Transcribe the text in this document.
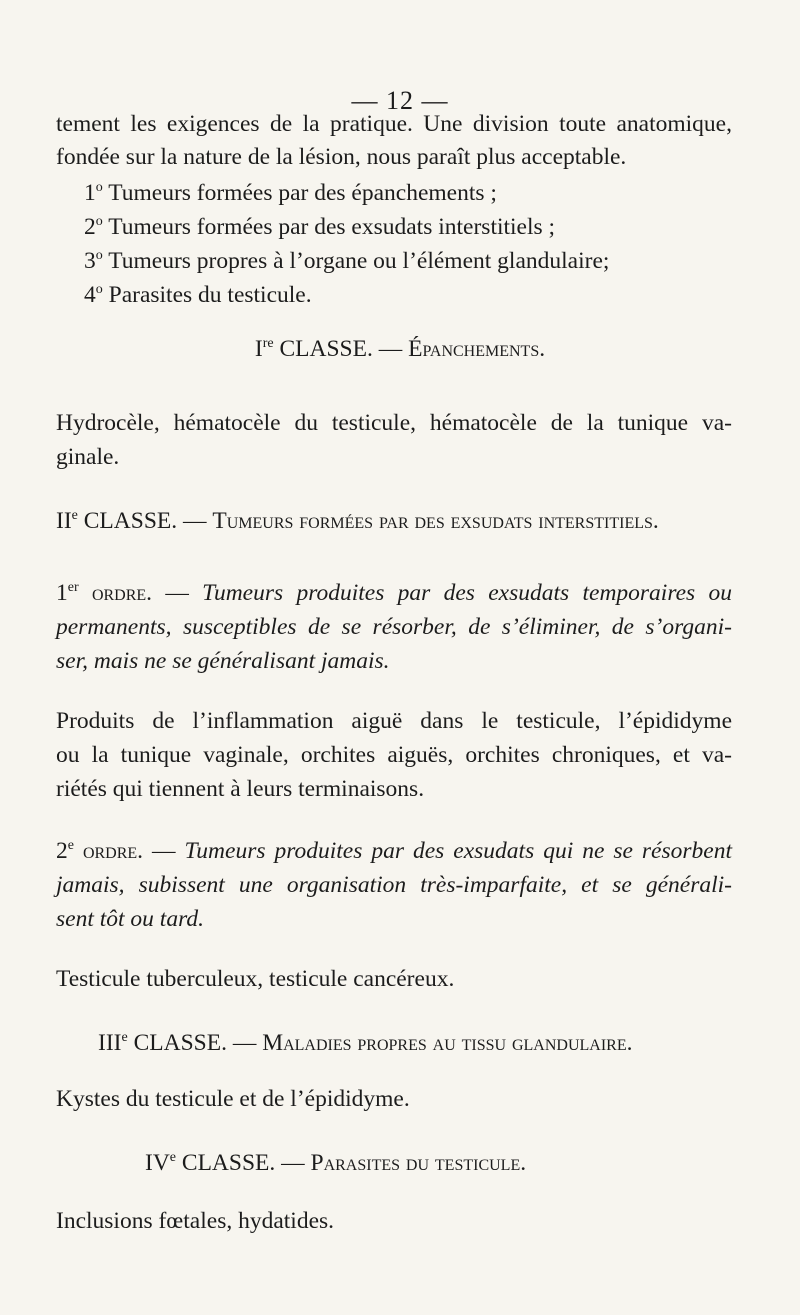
— 12 —
tement les exigences de la pratique. Une division toute anatomique,
fondée sur la nature de la lésion, nous paraît plus acceptable.
1$^o$ Tumeurs formées par des épanchements ;
2$^o$ Tumeurs formées par des exsudats interstitiels ;
3$^o$ Tumeurs propres à l’organe ou l’élément glandulaire;
4$^o$ Parasites du testicule.
Ire CLASSE. — Épanchements.
Hydrocèle, hématocèle du testicule, hématocèle de la tunique va-
ginale.
IIe CLASSE. — Tumeurs formées par des exsudats interstitiels.
1er ordre. — Tumeurs produites par des exsudats temporaires ou
permanents, susceptibles de se résorber, de s’éliminer, de s’organi-
ser, mais ne se généralisant jamais.
Produits de l’inflammation aiguë dans le testicule, l’épididyme
ou la tunique vaginale, orchites aiguës, orchites chroniques, et va-
riétés qui tiennent à leurs terminaisons.
2e ordre. — Tumeurs produites par des exsudats qui ne se résorbent
jamais, subissent une organisation très-imparfaite, et se générali-
sent tôt ou tard.
Testicule tuberculeux, testicule cancéreux.
IIIe CLASSE. — Maladies propres au tissu glandulaire.
Kystes du testicule et de l’épididyme.
IVe CLASSE. — Parasites du testicule.
Inclusions fœtales, hydatides.
